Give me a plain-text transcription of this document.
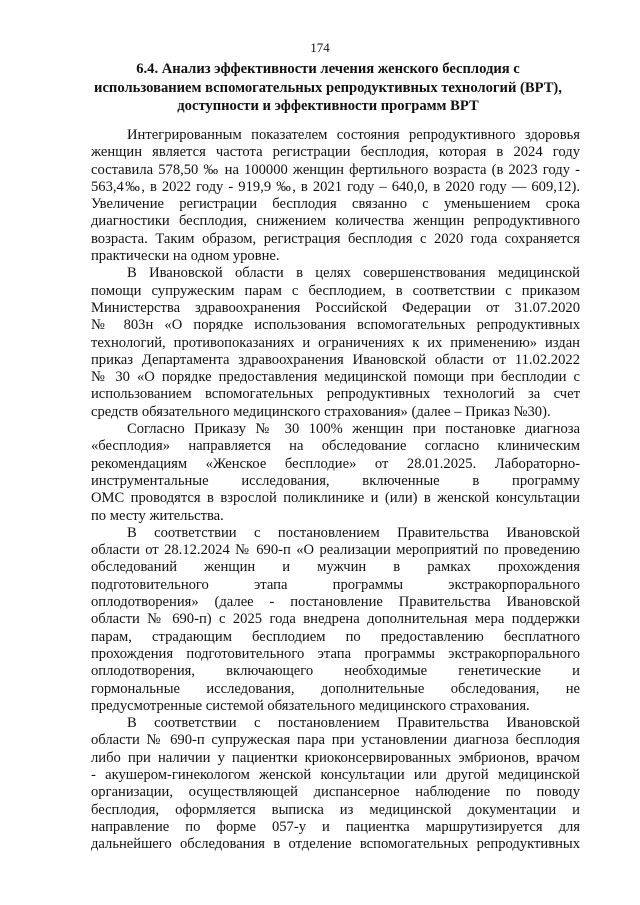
174
6.4. Анализ эффективности лечения женского бесплодия с
использованием вспомогательных репродуктивных технологий (ВРТ),
доступности и эффективности программ ВРТ
Интегрированным показателем состояния репродуктивного здоровья
женщин является частота регистрации бесплодия, которая в 2024 году
составила 578,50 ‰ на 100000 женщин фертильного возраста (в 2023 году -
563,4‰, в 2022 году - 919,9 ‰, в 2021 году – 640,0, в 2020 году — 609,12).
Увеличение регистрации бесплодия связанно с уменьшением срока
диагностики бесплодия, снижением количества женщин репродуктивного
возраста. Таким образом, регистрация бесплодия с 2020 года сохраняется
практически на одном уровне.
В Ивановской области в целях совершенствования медицинской
помощи супружеским парам с бесплодием, в соответствии с приказом
Министерства здравоохранения Российской Федерации от 31.07.2020
№ 803н «О порядке использования вспомогательных репродуктивных
технологий, противопоказаниях и ограничениях к их применению» издан
приказ Департамента здравоохранения Ивановской области от 11.02.2022
№ 30 «О порядке предоставления медицинской помощи при бесплодии с
использованием вспомогательных репродуктивных технологий за счет
средств обязательного медицинского страхования» (далее – Приказ №30).
Согласно Приказу № 30 100% женщин при постановке диагноза
«бесплодия» направляется на обследование согласно клиническим
рекомендациям «Женское бесплодие» от 28.01.2025. Лабораторно-
инструментальные исследования, включенные в программу
ОМС проводятся в взрослой поликлинике и (или) в женской консультации
по месту жительства.
В соответствии с постановлением Правительства Ивановской
области от 28.12.2024 № 690-п «О реализации мероприятий по проведению
обследований женщин и мужчин в рамках прохождения
подготовительного этапа программы экстракорпорального
оплодотворения» (далее - постановление Правительства Ивановской
области № 690-п) с 2025 года внедрена дополнительная мера поддержки
парам, страдающим бесплодием по предоставлению бесплатного
прохождения подготовительного этапа программы экстракорпорального
оплодотворения, включающего необходимые генетические и
гормональные исследования, дополнительные обследования, не
предусмотренные системой обязательного медицинского страхования.
В соответствии с постановлением Правительства Ивановской
области № 690-п супружеская пара при установлении диагноза бесплодия
либо при наличии у пациентки криоконсервированных эмбрионов, врачом
- акушером-гинекологом женской консультации или другой медицинской
организации, осуществляющей диспансерное наблюдение по поводу
бесплодия, оформляется выписка из медицинской документации и
направление по форме 057-у и пациентка маршрутизируется для
дальнейшего обследования в отделение вспомогательных репродуктивных
